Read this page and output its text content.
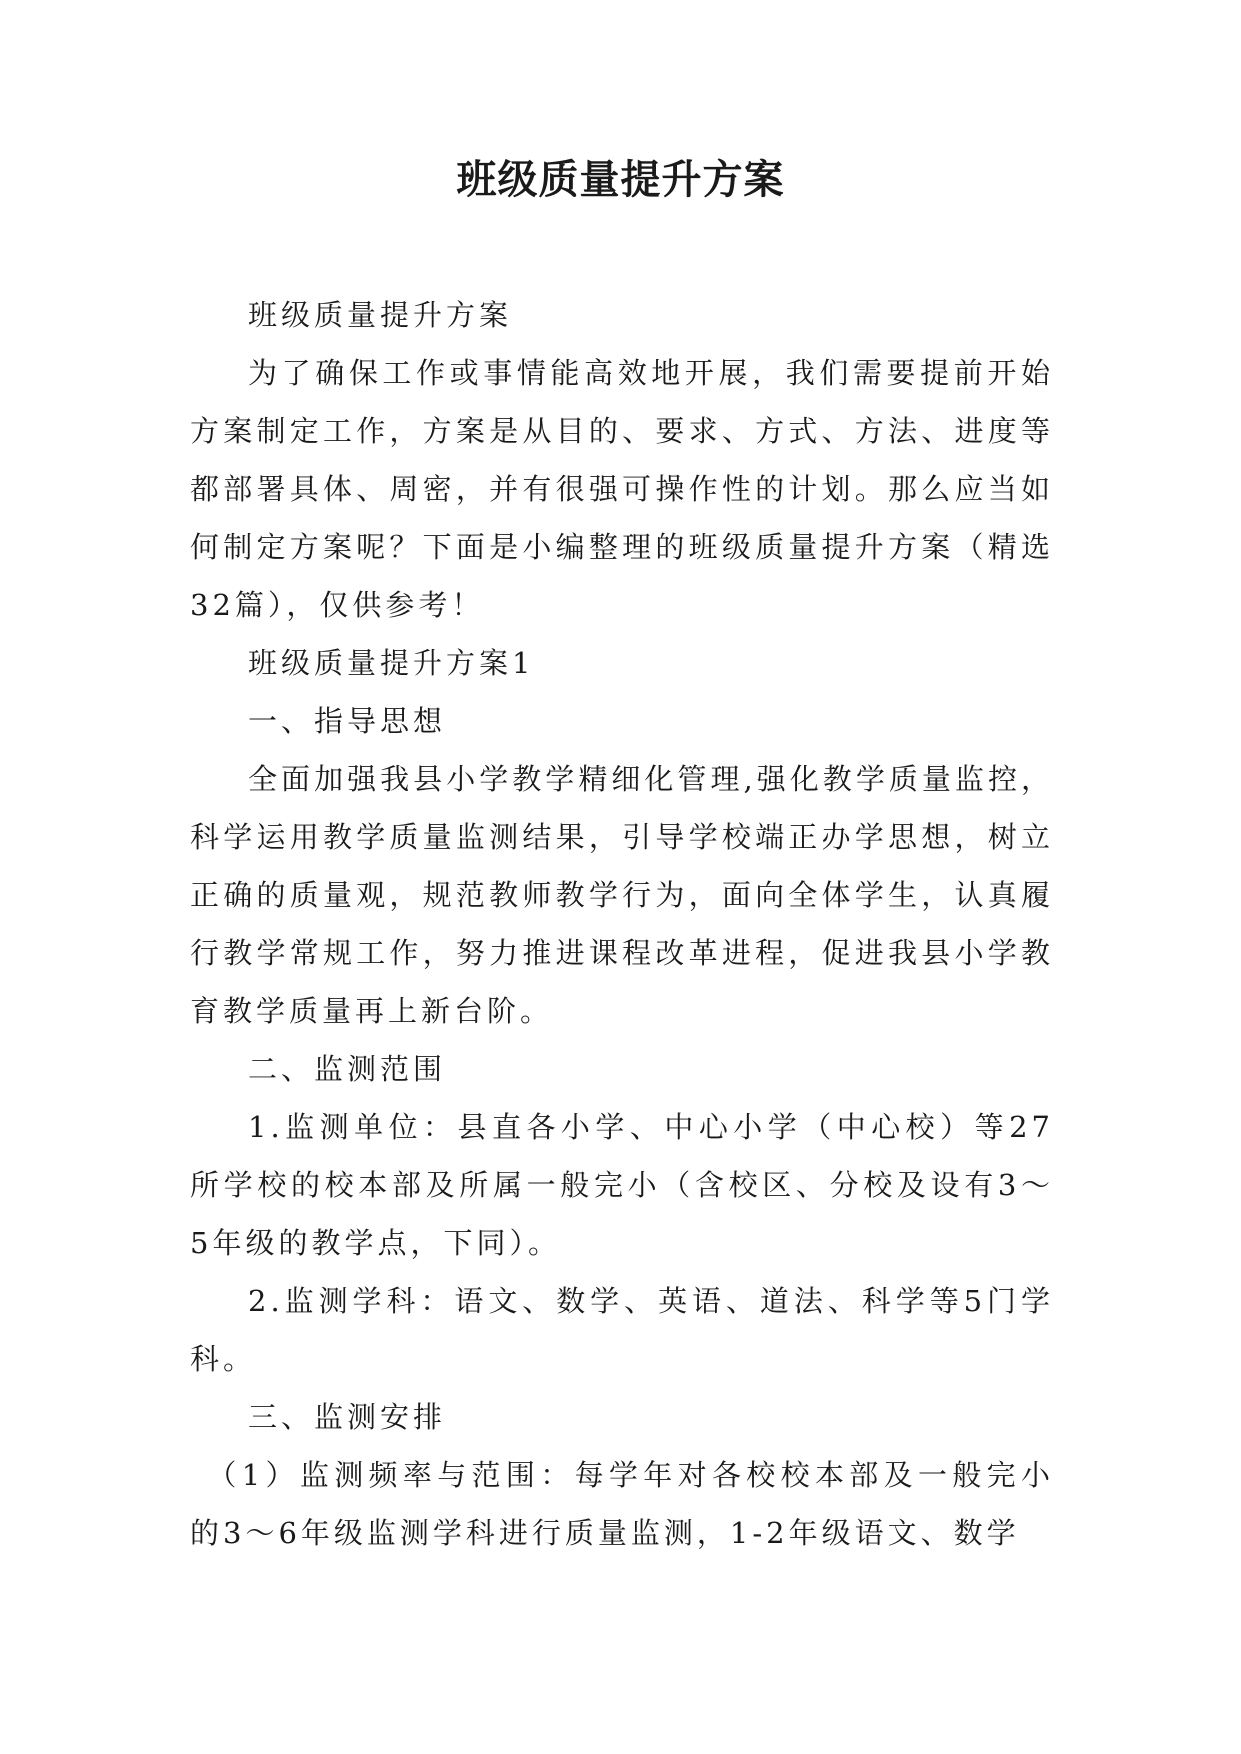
班级质量提升方案

班级质量提升方案

为了确保工作或事情能高效地开展，我们需要提前开始方案制定工作，方案是从目的、要求、方式、方法、进度等都部署具体、周密，并有很强可操作性的计划。那么应当如何制定方案呢？下面是小编整理的班级质量提升方案（精选32篇），仅供参考！

班级质量提升方案1

一、指导思想

全面加强我县小学教学精细化管理,强化教学质量监控，科学运用教学质量监测结果，引导学校端正办学思想，树立正确的质量观，规范教师教学行为，面向全体学生，认真履行教学常规工作，努力推进课程改革进程，促进我县小学教育教学质量再上新台阶。

二、监测范围

1.监测单位：县直各小学、中心小学（中心校）等27所学校的校本部及所属一般完小（含校区、分校及设有3～5年级的教学点，下同）。

2.监测学科：语文、数学、英语、道法、科学等5门学科。

三、监测安排

（1）监测频率与范围：每学年对各校校本部及一般完小的3～6年级监测学科进行质量监测，1-2年级语文、数学
